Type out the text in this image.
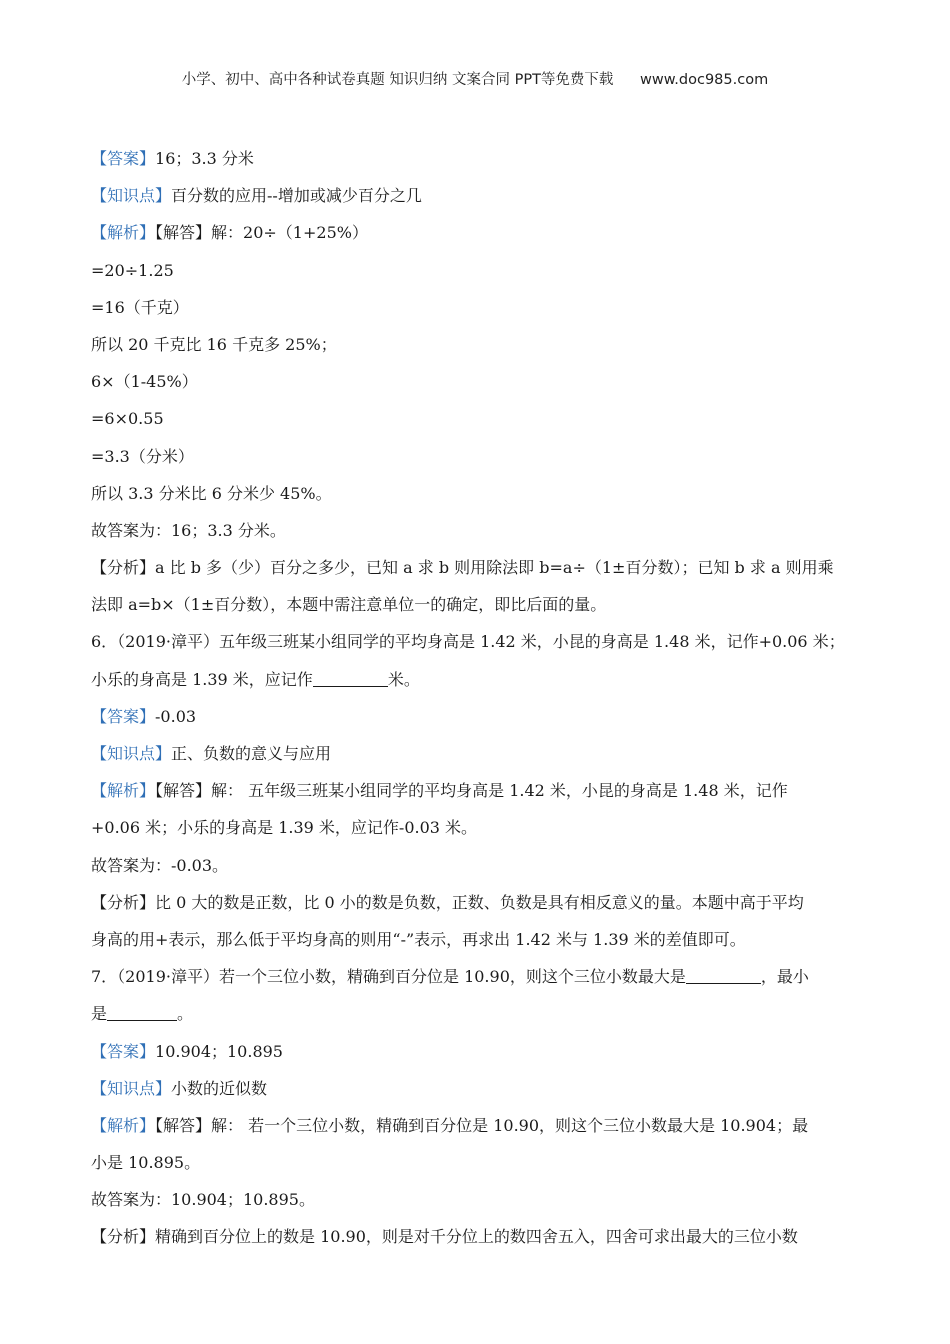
小学、初中、高中各种试卷真题 知识归纳 文案合同 PPT等免费下载 www.doc985.com
【答案】16；3.3 分米
【知识点】百分数的应用--增加或减少百分之几
【解析】【解答】解：20÷（1+25%）
=20÷1.25
=16（千克）
所以 20 千克比 16 千克多 25%；
6×（1-45%）
=6×0.55
=3.3（分米）
所以 3.3 分米比 6 分米少 45%。
故答案为：16；3.3 分米。
【分析】a 比 b 多（少）百分之多少，已知 a 求 b 则用除法即 b=a÷（1±百分数）；已知 b 求 a 则用乘
法即 a=b×（1±百分数），本题中需注意单位一的确定，即比后面的量。
6．（2019·漳平）五年级三班某小组同学的平均身高是 1.42 米，小昆的身高是 1.48 米，记作+0.06 米；
小乐的身高是 1.39 米，应记作	米。
【答案】-0.03
【知识点】正、负数的意义与应用
【解析】【解答】解： 五年级三班某小组同学的平均身高是 1.42 米，小昆的身高是 1.48 米，记作
+0.06 米；小乐的身高是 1.39 米，应记作-0.03 米。
故答案为：-0.03。
【分析】比 0 大的数是正数，比 0 小的数是负数，正数、负数是具有相反意义的量。本题中高于平均
身高的用+表示，那么低于平均身高的则用“-”表示，再求出 1.42 米与 1.39 米的差值即可。
7．（2019·漳平）若一个三位小数，精确到百分位是 10.90，则这个三位小数最大是	，最小
是	。
【答案】10.904；10.895
【知识点】小数的近似数
【解析】【解答】解： 若一个三位小数，精确到百分位是 10.90，则这个三位小数最大是 10.904；最
小是 10.895。
故答案为：10.904；10.895。
【分析】精确到百分位上的数是 10.90，则是对千分位上的数四舍五入，四舍可求出最大的三位小数
